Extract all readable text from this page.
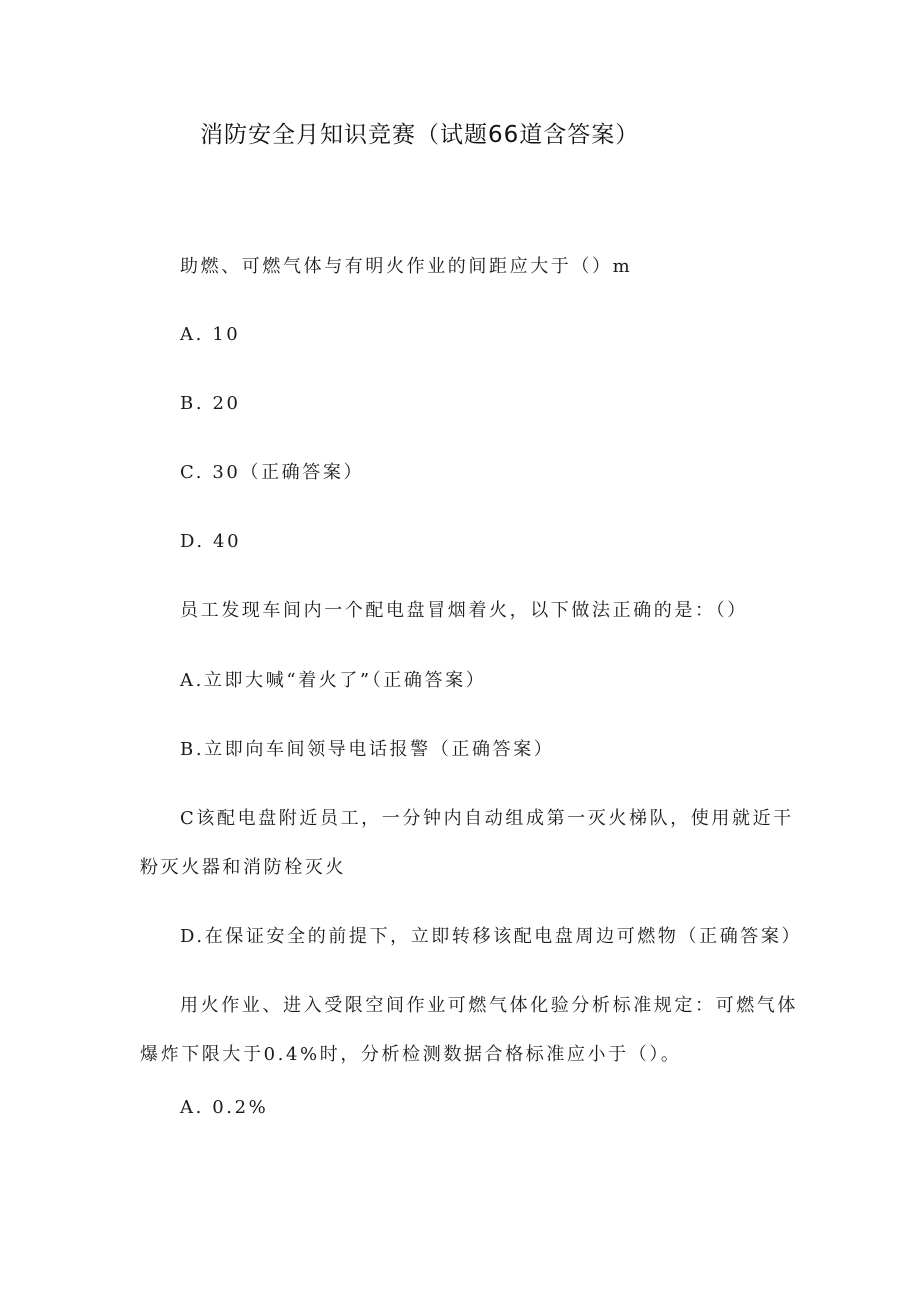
消防安全月知识竞赛（试题66道含答案）
助燃、可燃气体与有明火作业的间距应大于（）m
A. 10
B. 20
C. 30（正确答案）
D. 40
员工发现车间内一个配电盘冒烟着火，以下做法正确的是：（）
A.立即大喊“着火了”（正确答案）
B.立即向车间领导电话报警（正确答案）
C该配电盘附近员工，一分钟内自动组成第一灭火梯队，使用就近干
粉灭火器和消防栓灭火
D.在保证安全的前提下，立即转移该配电盘周边可燃物（正确答案）
用火作业、进入受限空间作业可燃气体化验分析标准规定：可燃气体
爆炸下限大于0.4%时，分析检测数据合格标准应小于（）。
A. 0.2%
